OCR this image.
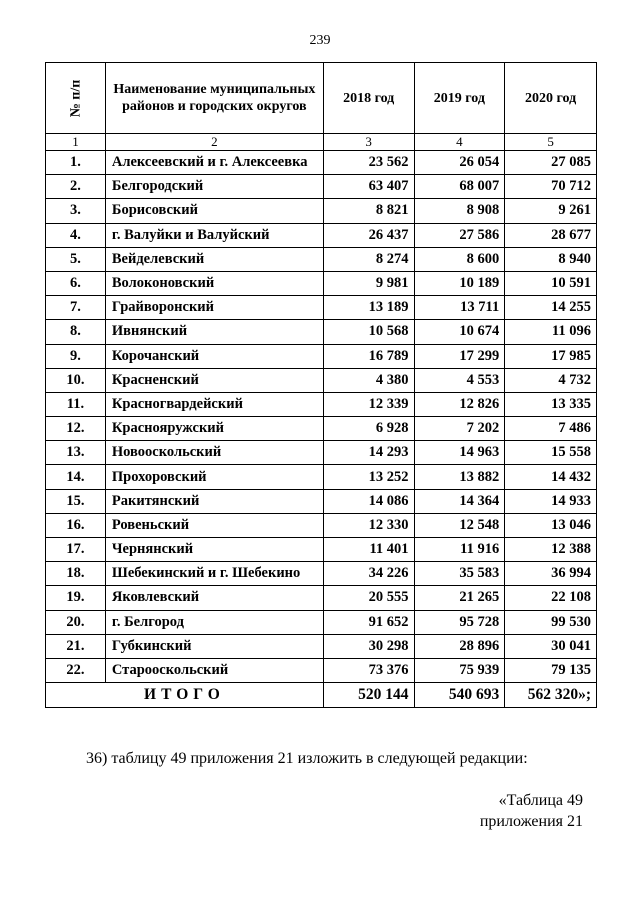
239
№ п/п	Наименование муниципальных районов и городских округов	2018 год	2019 год	2020 год
1	2	3	4	5
1.	Алексеевский и г. Алексеевка	23 562	26 054	27 085
2.	Белгородский	63 407	68 007	70 712
3.	Борисовский	8 821	8 908	9 261
4.	г. Валуйки и Валуйский	26 437	27 586	28 677
5.	Вейделевский	8 274	8 600	8 940
6.	Волоконовский	9 981	10 189	10 591
7.	Грайворонский	13 189	13 711	14 255
8.	Ивнянский	10 568	10 674	11 096
9.	Корочанский	16 789	17 299	17 985
10.	Красненский	4 380	4 553	4 732
11.	Красногвардейский	12 339	12 826	13 335
12.	Краснояружский	6 928	7 202	7 486
13.	Новооскольский	14 293	14 963	15 558
14.	Прохоровский	13 252	13 882	14 432
15.	Ракитянский	14 086	14 364	14 933
16.	Ровеньский	12 330	12 548	13 046
17.	Чернянский	11 401	11 916	12 388
18.	Шебекинский и г. Шебекино	34 226	35 583	36 994
19.	Яковлевский	20 555	21 265	22 108
20.	г. Белгород	91 652	95 728	99 530
21.	Губкинский	30 298	28 896	30 041
22.	Старооскольский	73 376	75 939	79 135
ИТОГО		520 144	540 693	562 320»;
36) таблицу 49 приложения 21 изложить в следующей редакции:
«Таблица 49
приложения 21
